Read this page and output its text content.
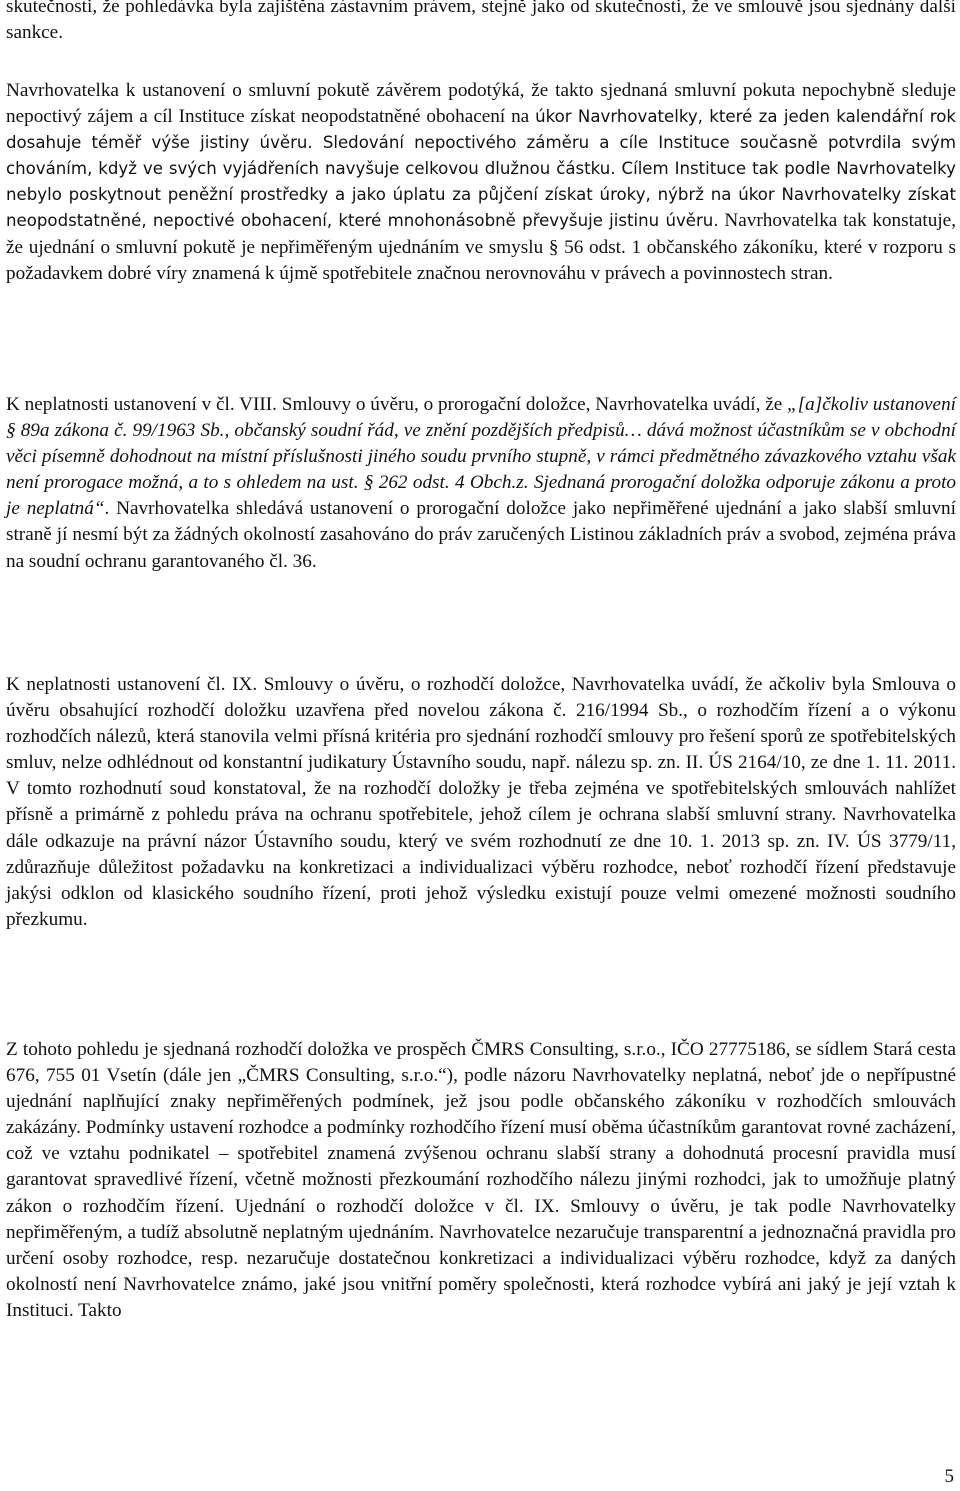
skutečnosti, že pohledávka byla zajištěna zástavním právem, stejně jako od skutečnosti, že ve smlouvě jsou sjednány další sankce.
Navrhovatelka k ustanovení o smluvní pokutě závěrem podotýká, že takto sjednaná smluvní pokuta nepochybně sleduje nepoctivý zájem a cíl Instituce získat neopodstatněné obohacení na úkor Navrhovatelky, které za jeden kalendářní rok dosahuje téměř výše jistiny úvěru. Sledování nepoctivého záměru a cíle Instituce současně potvrdila svým chováním, když ve svých vyjádřeních navyšuje celkovou dlužnou částku. Cílem Instituce tak podle Navrhovatelky nebylo poskytnout peněžní prostředky a jako úplatu za půjčení získat úroky, nýbrž na úkor Navrhovatelky získat neopodstatněné, nepoctivé obohacení, které mnohonásobně převyšuje jistinu úvěru. Navrhovatelka tak konstatuje, že ujednání o smluvní pokutě je nepřiměřeným ujednáním ve smyslu § 56 odst. 1 občanského zákoníku, které v rozporu s požadavkem dobré víry znamená k újmě spotřebitele značnou nerovnováhu v právech a povinnostech stran.
K neplatnosti ustanovení v čl. VIII. Smlouvy o úvěru, o prorogační doložce, Navrhovatelka uvádí, že „[a]čkoliv ustanovení § 89a zákona č. 99/1963 Sb., občanský soudní řád, ve znění pozdějších předpisů… dává možnost účastníkům se v obchodní věci písemně dohodnout na místní příslušnosti jiného soudu prvního stupně, v rámci předmětného závazkového vztahu však není prorogace možná, a to s ohledem na ust. § 262 odst. 4 Obch.z. Sjednaná prorogační doložka odporuje zákonu a proto je neplatná“. Navrhovatelka shledává ustanovení o prorogační doložce jako nepřiměřené ujednání a jako slabší smluvní straně jí nesmí být za žádných okolností zasahováno do práv zaručených Listinou základních práv a svobod, zejména práva na soudní ochranu garantovaného čl. 36.
K neplatnosti ustanovení čl. IX. Smlouvy o úvěru, o rozhodčí doložce, Navrhovatelka uvádí, že ačkoliv byla Smlouva o úvěru obsahující rozhodčí doložku uzavřena před novelou zákona č. 216/1994 Sb., o rozhodčím řízení a o výkonu rozhodčích nálezů, která stanovila velmi přísná kritéria pro sjednání rozhodčí smlouvy pro řešení sporů ze spotřebitelských smluv, nelze odhlédnout od konstantní judikatury Ústavního soudu, např. nálezu sp. zn. II. ÚS 2164/10, ze dne 1. 11. 2011. V tomto rozhodnutí soud konstatoval, že na rozhodčí doložky je třeba zejména ve spotřebitelských smlouvách nahlížet přísně a primárně z pohledu práva na ochranu spotřebitele, jehož cílem je ochrana slabší smluvní strany. Navrhovatelka dále odkazuje na právní názor Ústavního soudu, který ve svém rozhodnutí ze dne 10. 1. 2013 sp. zn. IV. ÚS 3779/11, zdůrazňuje důležitost požadavku na konkretizaci a individualizaci výběru rozhodce, neboť rozhodčí řízení představuje jakýsi odklon od klasického soudního řízení, proti jehož výsledku existují pouze velmi omezené možnosti soudního přezkumu.
Z tohoto pohledu je sjednaná rozhodčí doložka ve prospěch ČMRS Consulting, s.r.o., IČO 27775186, se sídlem Stará cesta 676, 755 01 Vsetín (dále jen „ČMRS Consulting, s.r.o.“), podle názoru Navrhovatelky neplatná, neboť jde o nepřípustné ujednání naplňující znaky nepřiměřených podmínek, jež jsou podle občanského zákoníku v rozhodčích smlouvách zakázány. Podmínky ustavení rozhodce a podmínky rozhodčího řízení musí oběma účastníkům garantovat rovné zacházení, což ve vztahu podnikatel – spotřebitel znamená zvýšenou ochranu slabší strany a dohodnutá procesní pravidla musí garantovat spravedlivé řízení, včetně možnosti přezkoumání rozhodčího nálezu jinými rozhodci, jak to umožňuje platný zákon o rozhodčím řízení. Ujednání o rozhodčí doložce v čl. IX. Smlouvy o úvěru, je tak podle Navrhovatelky nepřiměřeným, a tudíž absolutně neplatným ujednáním. Navrhovatelce nezaručuje transparentní a jednoznačná pravidla pro určení osoby rozhodce, resp. nezaručuje dostatečnou konkretizaci a individualizaci výběru rozhodce, když za daných okolností není Navrhovatelce známo, jaké jsou vnitřní poměry společnosti, která rozhodce vybírá ani jaký je její vztah k Instituci. Takto
5
